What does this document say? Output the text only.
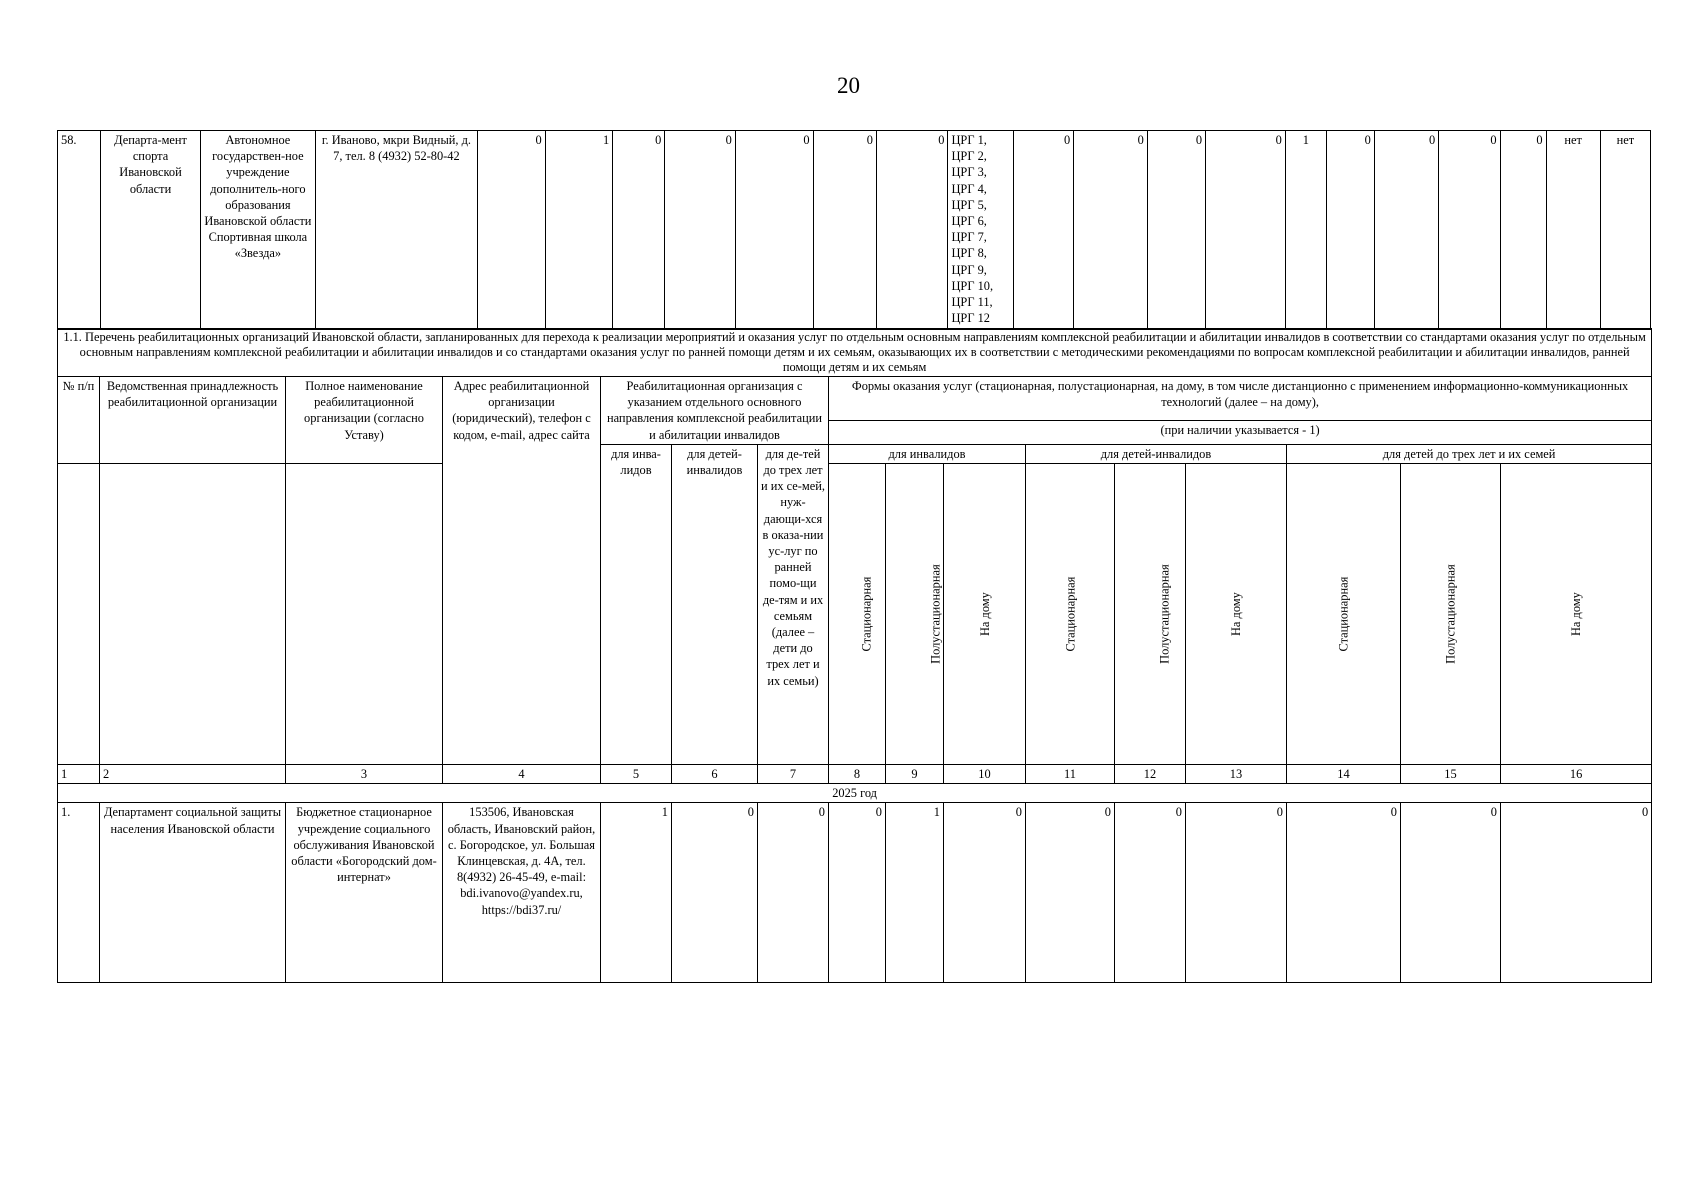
20
58.	Департа-мент спорта Ивановской области	Автономное государствен-ное учреждение дополнитель-ного образования Ивановской области Спортивная школа «Звезда»	г. Иваново, мкри Видный, д. 7, тел. 8 (4932) 52-80-42	0	1	0	0	0	0	0	ЦРГ 1, ЦРГ 2, ЦРГ 3, ЦРГ 4, ЦРГ 5, ЦРГ 6, ЦРГ 7, ЦРГ 8, ЦРГ 9, ЦРГ 10, ЦРГ 11, ЦРГ 12	0	0	0	0	1	0	0	0	0	нет	нет
1.1. Перечень реабилитационных организаций Ивановской области, запланированных для перехода к реализации мероприятий и оказания услуг по отдельным основным направлениям комплексной реабилитации и абилитации инвалидов в соответствии со стандартами оказания услуг по отдельным основным направлениям комплексной реабилитации и абилитации инвалидов и со стандартами оказания услуг по ранней помощи детям и их семьям, оказывающих их в соответствии с методическими рекомендациями по вопросам комплексной реабилитации и абилитации инвалидов, ранней помощи детям и их семьям															
№ п/п	Ведомственная принадлежность реабилитационной организации	Полное наименование реабилитационной организации (согласно Уставу)	Адрес реабилитационной организации (юридический), телефон с кодом, e-mail, адрес сайта	Реабилитационная организация с указанием отдельного основного направления комплексной реабилитации и абилитации инвалидов			Формы оказания услуг (стационарная, полустационарная, на дому, в том числе дистанционно с применением информационно-коммуникационных технологий (далее – на дому),								
							(при наличии указывается - 1)								
				для инва-лидов	для детей-инвалидов	для де-тей до трех лет и их се-мей, нуж-дающи-хся в оказа-нии ус-луг по ранней помо-щи де-тям и их семьям (далее – дети до трех лет и их семьи)	для инвалидов			для детей-инвалидов			для детей до трех лет и их семей		
							Стационарная	Полустационарная	На дому	Стационарная	Полустационарная	На дому	Стационарная	Полустационарная	На дому
1	2	3	4	5	6	7	8	9	10	11	12	13	14	15	16
2025 год															
1.	Департамент социальной защиты населения Ивановской области	Бюджетное стационарное учреждение социального обслуживания Ивановской области «Богородский дом-интернат»	153506, Ивановская область, Ивановский район, с. Богородское, ул. Большая Клинцевская, д. 4А, тел. 8(4932) 26-45-49, e-mail: bdi.ivanovo@yandex.ru, https://bdi37.ru/	1	0	0	0	1	0	0	0	0	0	0	0
